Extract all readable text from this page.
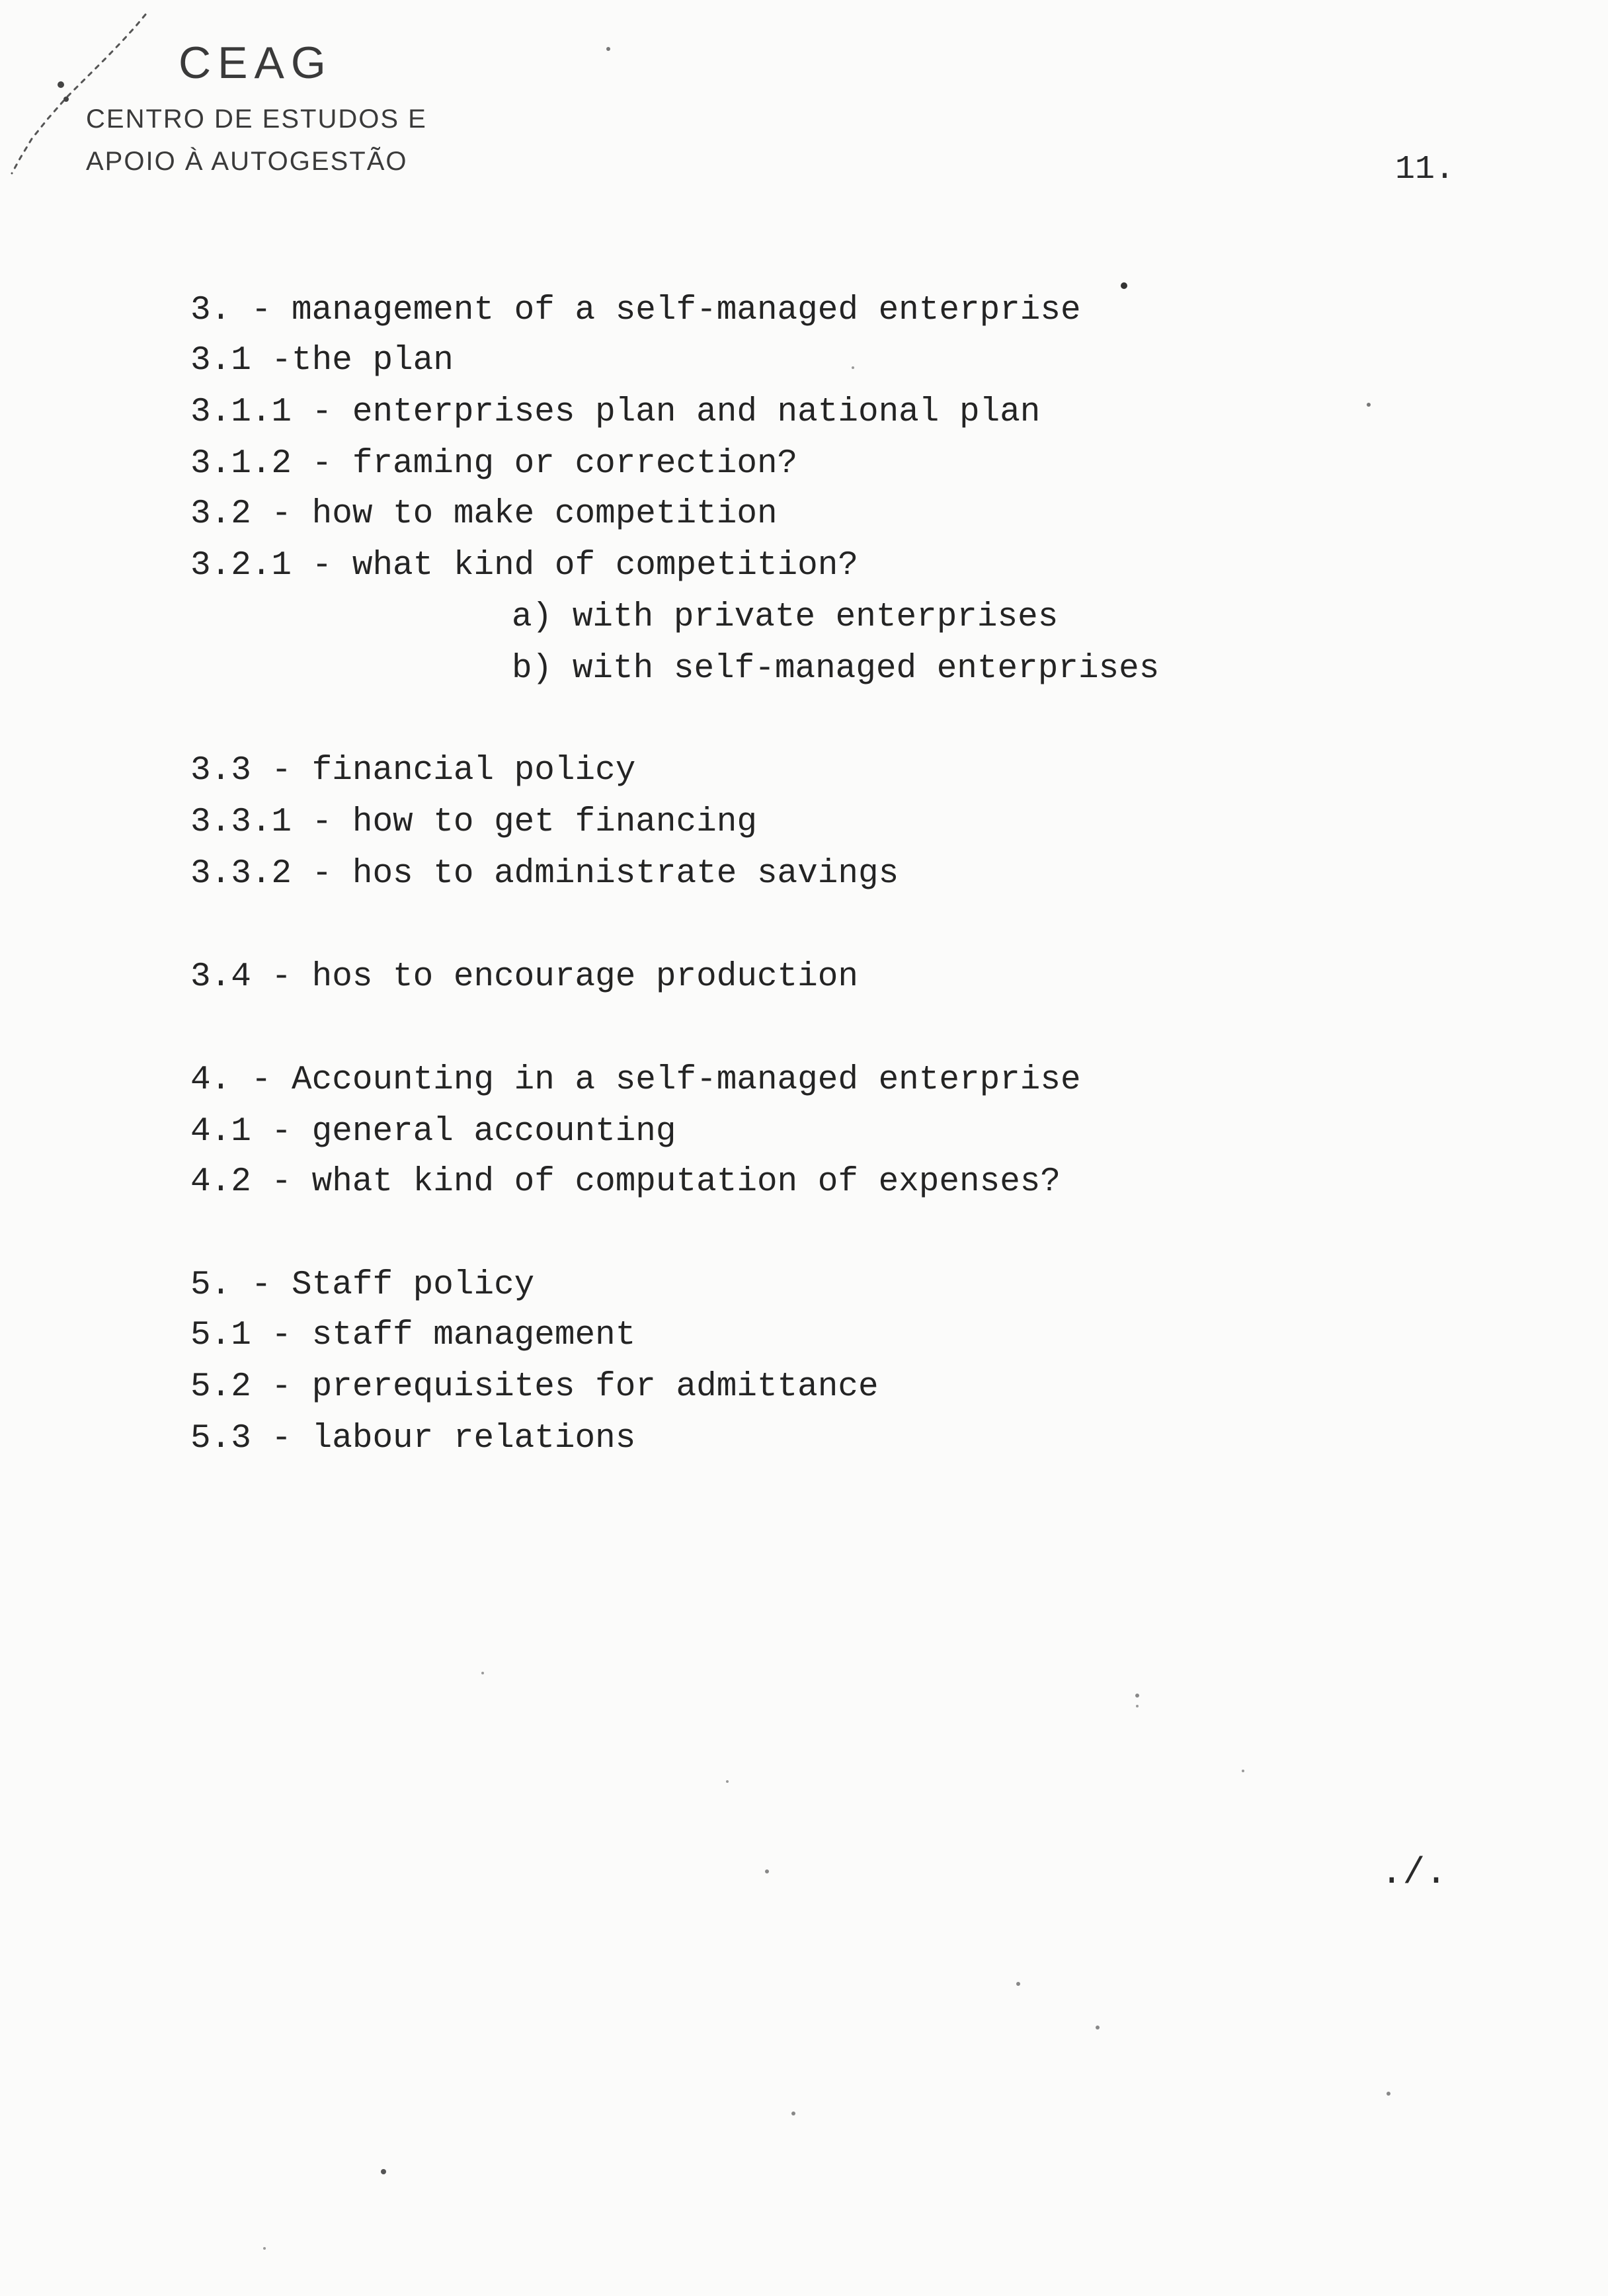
CEAG
CENTRO DE ESTUDOS E
APOIO À AUTOGESTÃO	11.
3. - management of a self-managed enterprise
3.1 -the plan
3.1.1 - enterprises plan and national plan
3.1.2 - framing or correction?
3.2 - how to make competition
3.2.1 - what kind of competition?
a) with private enterprises
b) with self-managed enterprises
3.3 - financial policy
3.3.1 - how to get financing
3.3.2 - hos to administrate savings
3.4 - hos to encourage production
4. - Accounting in a self-managed enterprise
4.1 - general accounting
4.2 - what kind of computation of expenses?
5. - Staff policy
5.1 - staff management
5.2 - prerequisites for admittance
5.3 - labour relations
./.
